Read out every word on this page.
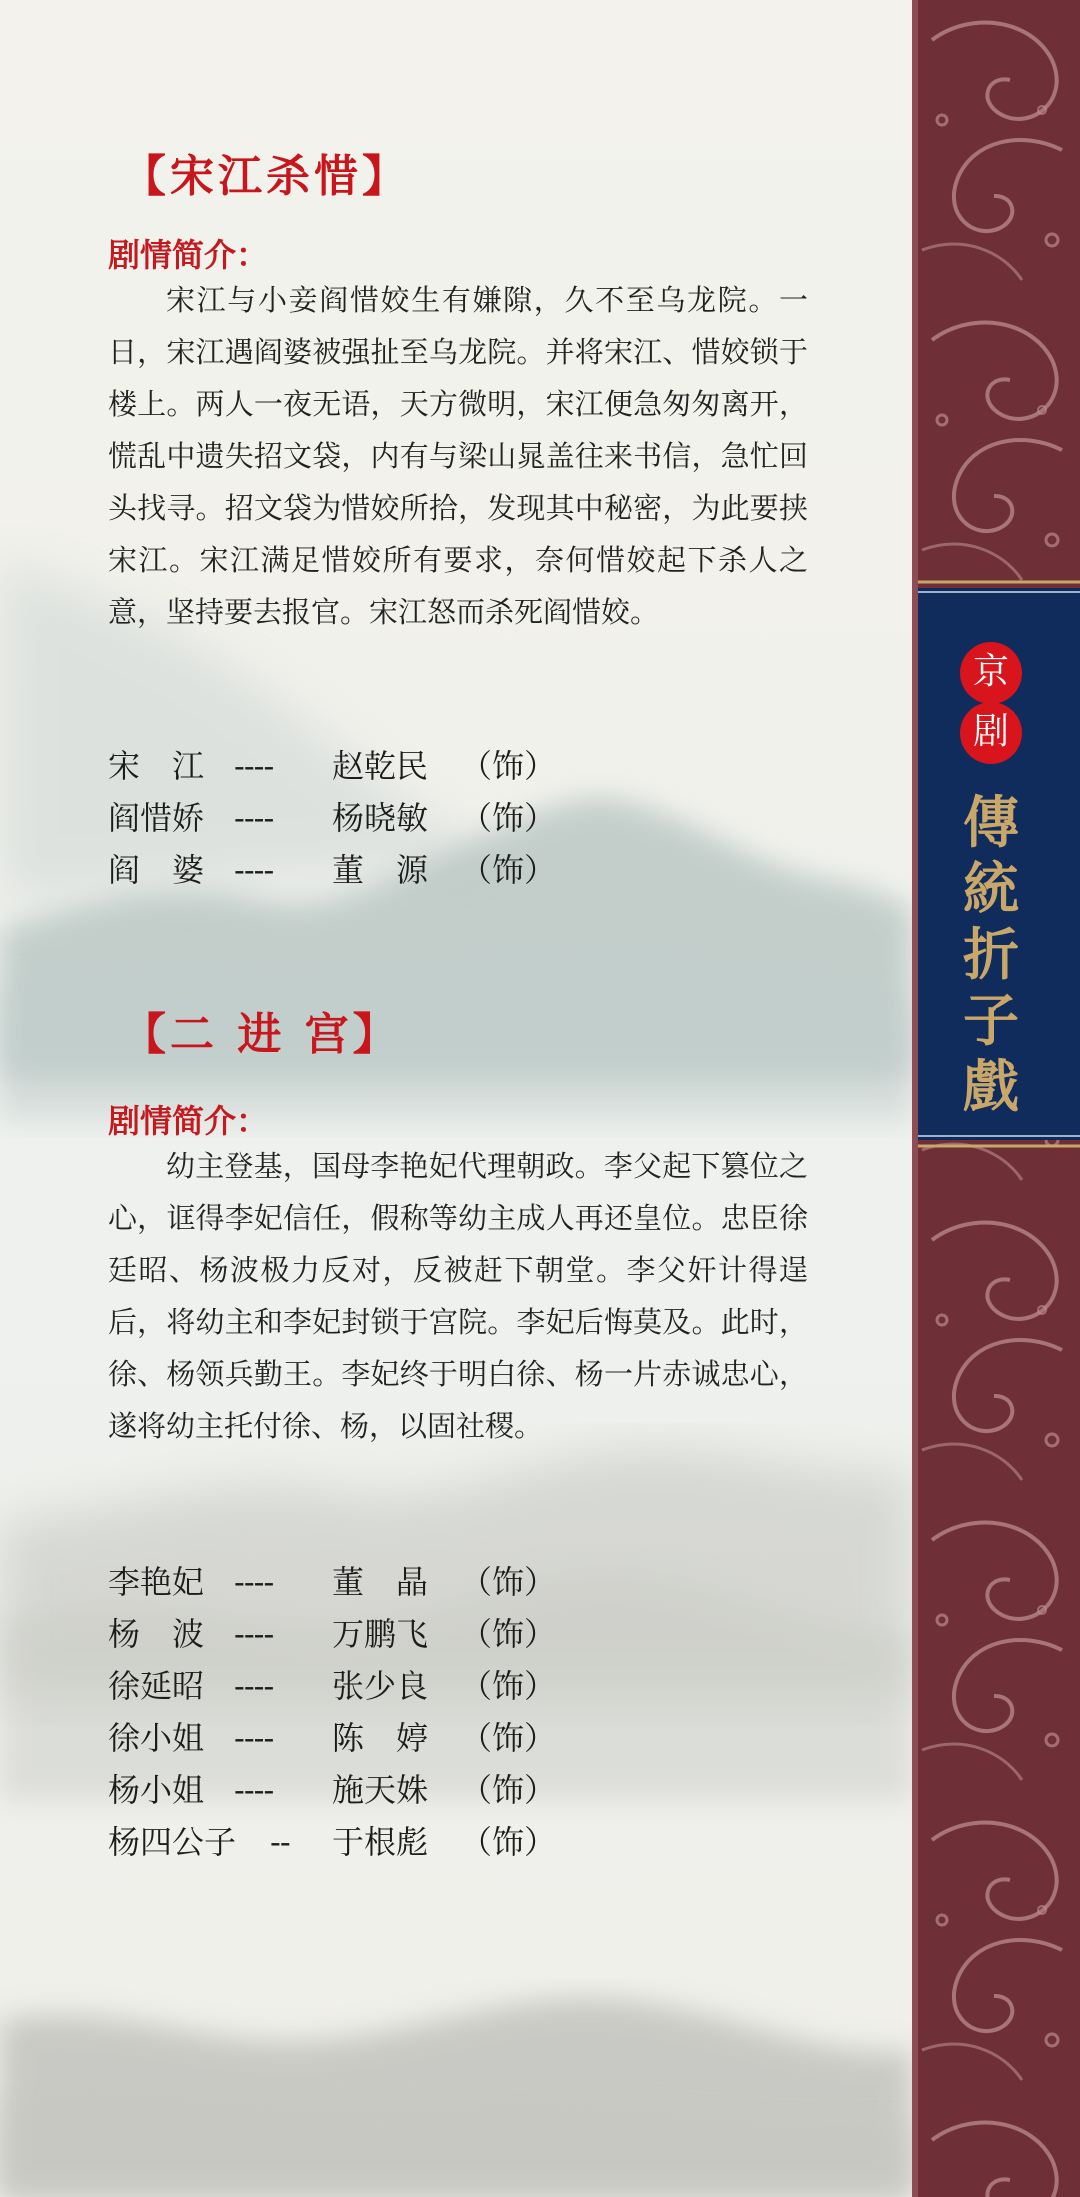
京
剧
傳
統
折
子
戲
【宋江杀惜】
剧情简介：

宋江与小妾阎惜姣生有嫌隙，久不至乌龙院。一日，宋江遇阎婆被强扯至乌龙院。并将宋江、惜姣锁于楼上。两人一夜无语，天方微明，宋江便急匆匆离开，慌乱中遗失招文袋，内有与梁山晁盖往来书信，急忙回头找寻。招文袋为惜姣所拾，发现其中秘密，为此要挟宋江。宋江满足惜姣所有要求，奈何惜姣起下杀人之意，坚持要去报官。宋江怒而杀死阎惜姣。

宋　江 ---- 赵乾民 （饰）
阎惜娇 ---- 杨晓敏 （饰）
阎　婆 ---- 董　源 （饰）
【二 进 宫】
剧情简介：

幼主登基，国母李艳妃代理朝政。李父起下篡位之心，诓得李妃信任，假称等幼主成人再还皇位。忠臣徐廷昭、杨波极力反对，反被赶下朝堂。李父奸计得逞后，将幼主和李妃封锁于宫院。李妃后悔莫及。此时，徐、杨领兵勤王。李妃终于明白徐、杨一片赤诚忠心，遂将幼主托付徐、杨，以固社稷。

李艳妃 ---- 董　晶 （饰）
杨　波 ---- 万鹏飞 （饰）
徐延昭 ---- 张少良 （饰）
徐小姐 ---- 陈　婷 （饰）
杨小姐 ---- 施天姝 （饰）
杨四公子 -- 于根彪 （饰）
